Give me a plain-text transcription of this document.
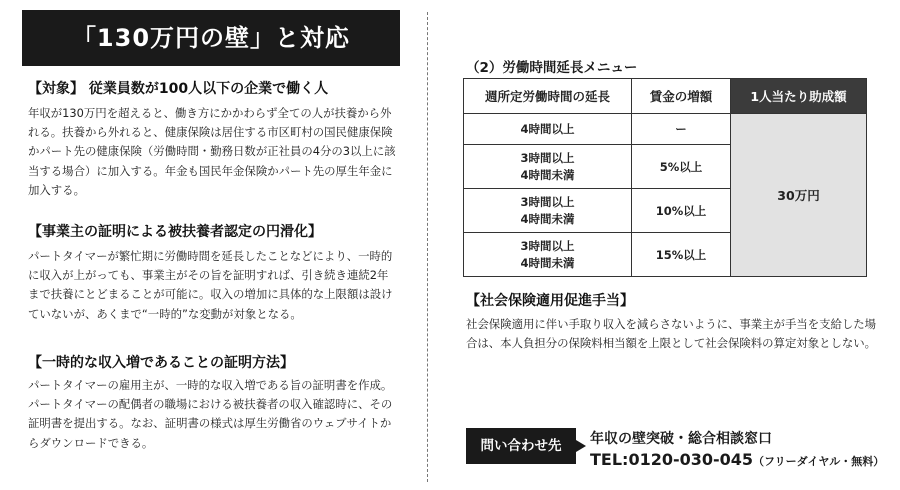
「130万円の壁」と対応
【対象】 従業員数が100人以下の企業で働く人

年収が130万円を超えると、働き方にかかわらず全ての人が扶養から外れる。扶養から外れると、健康保険は居住する市区町村の国民健康保険かパート先の健康保険（労働時間・勤務日数が正社員の4分の3以上に該当する場合）に加入する。年金も国民年金保険かパート先の厚生年金に加入する。

【事業主の証明による被扶養者認定の円滑化】

パートタイマーが繁忙期に労働時間を延長したことなどにより、一時的に収入が上がっても、事業主がその旨を証明すれば、引き続き連続2年まで扶養にとどまることが可能に。収入の増加に具体的な上限額は設けていないが、あくまで“一時的”な変動が対象となる。

【一時的な収入増であることの証明方法】

パートタイマーの雇用主が、一時的な収入増である旨の証明書を作成。パートタイマーの配偶者の職場における被扶養者の収入確認時に、その証明書を提出する。なお、証明書の様式は厚生労働省のウェブサイトからダウンロードできる。

（2）労働時間延長メニュー
週所定労働時間の延長	賃金の増額	1人当たり助成額
4時間以上	ー	30万円
3時間以上
4時間未満	5%以上	
3時間以上
4時間未満	10%以上	
3時間以上
4時間未満	15%以上	
【社会保険適用促進手当】

社会保険適用に伴い手取り収入を減らさないように、事業主が手当を支給した場合は、本人負担分の保険料相当額を上限として社会保険料の算定対象としない。

問い合わせ先	年収の壁突破・総合相談窓口
TEL:0120-030-045（フリーダイヤル・無料）
